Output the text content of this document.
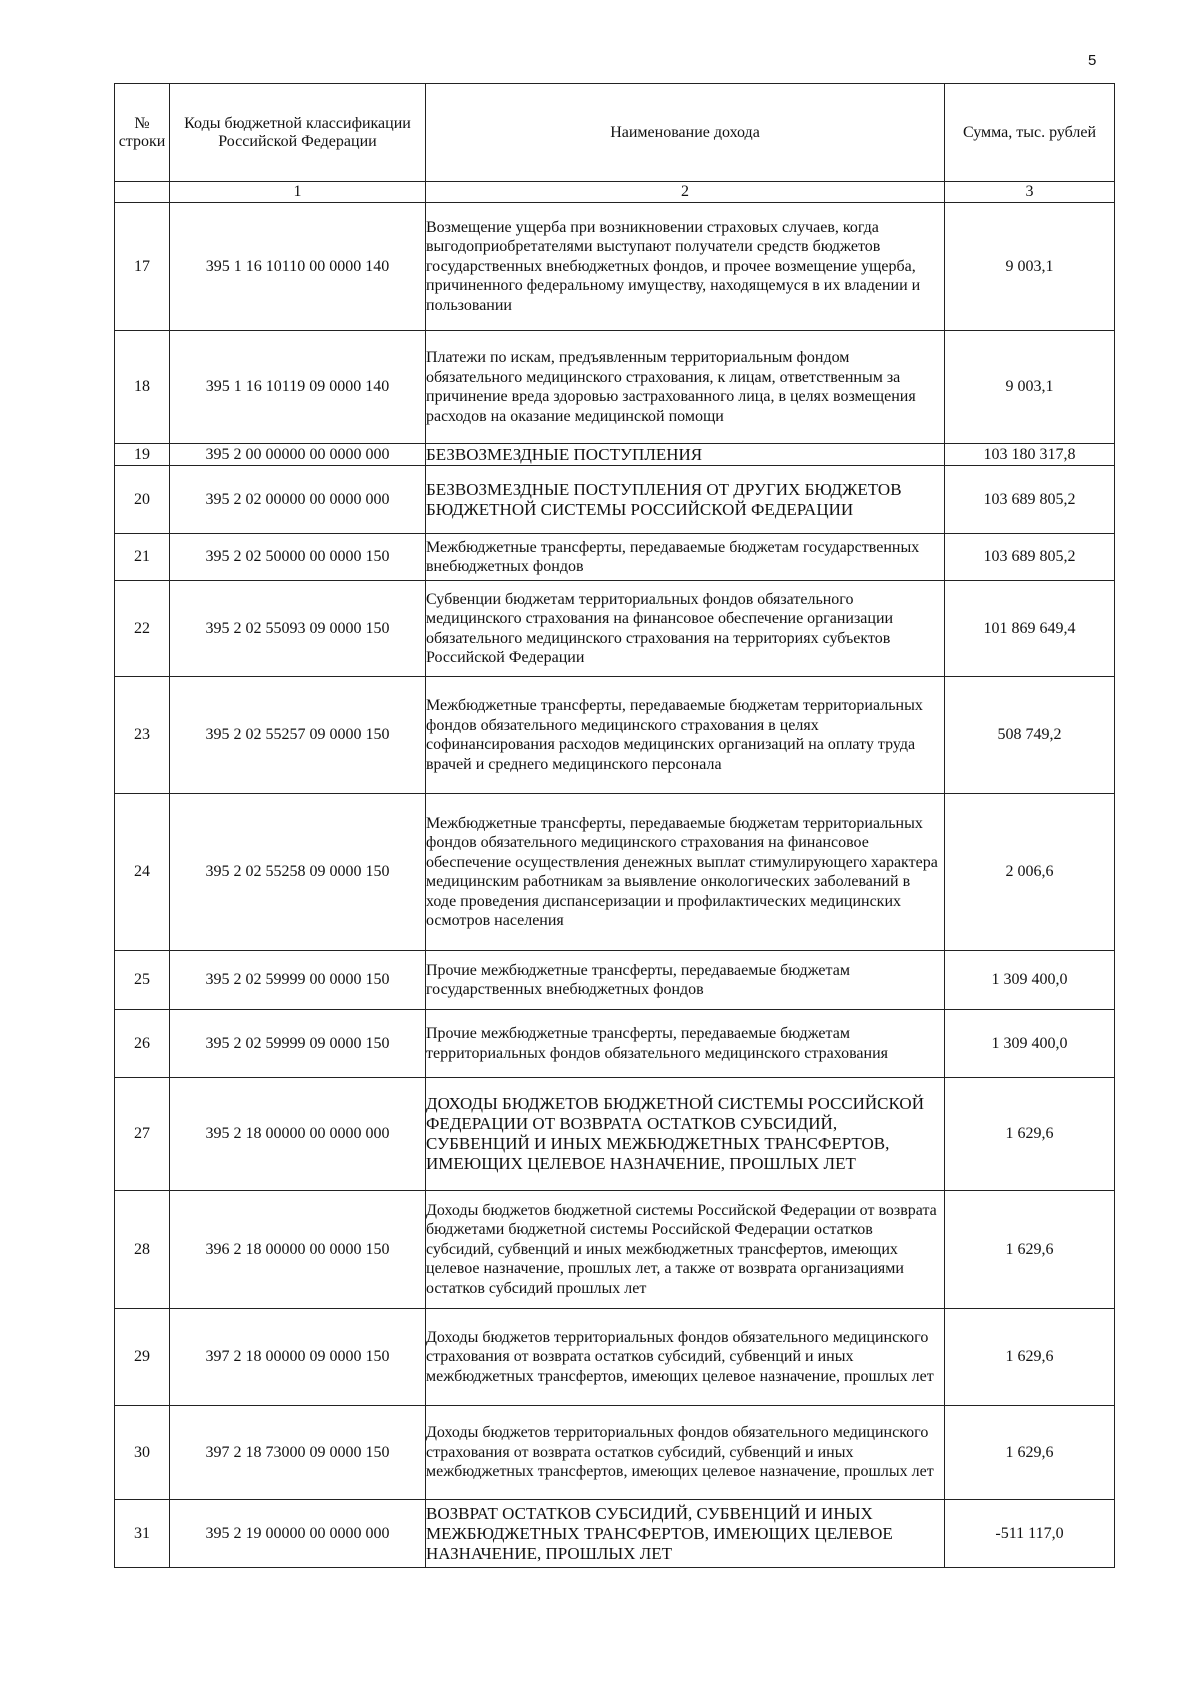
5
№ строки	Коды бюджетной классификации Российской Федерации	Наименование дохода	Сумма, тыс. рублей
	1	2	3
17	395 1 16 10110 00 0000 140	Возмещение ущерба при возникновении страховых случаев, когда выгодоприобретателями выступают получатели средств бюджетов государственных внебюджетных фондов, и прочее возмещение ущерба, причиненного федеральному имуществу, находящемуся в их владении и пользовании	9 003,1
18	395 1 16 10119 09 0000 140	Платежи по искам, предъявленным территориальным фондом обязательного медицинского страхования, к лицам, ответственным за причинение вреда здоровью застрахованного лица, в целях возмещения расходов на оказание медицинской помощи	9 003,1
19	395 2 00 00000 00 0000 000	БЕЗВОЗМЕЗДНЫЕ ПОСТУПЛЕНИЯ	103 180 317,8
20	395 2 02 00000 00 0000 000	БЕЗВОЗМЕЗДНЫЕ ПОСТУПЛЕНИЯ ОТ ДРУГИХ БЮДЖЕТОВ БЮДЖЕТНОЙ СИСТЕМЫ РОССИЙСКОЙ ФЕДЕРАЦИИ	103 689 805,2
21	395 2 02 50000 00 0000 150	Межбюджетные трансферты, передаваемые бюджетам государственных внебюджетных фондов	103 689 805,2
22	395 2 02 55093 09 0000 150	Субвенции бюджетам территориальных фондов обязательного медицинского страхования на финансовое обеспечение организации обязательного медицинского страхования на территориях субъектов Российской Федерации	101 869 649,4
23	395 2 02 55257 09 0000 150	Межбюджетные трансферты, передаваемые бюджетам территориальных фондов обязательного медицинского страхования в целях софинансирования расходов медицинских организаций на оплату труда врачей и среднего медицинского персонала	508 749,2
24	395 2 02 55258 09 0000 150	Межбюджетные трансферты, передаваемые бюджетам территориальных фондов обязательного медицинского страхования на финансовое обеспечение осуществления денежных выплат стимулирующего характера медицинским работникам за выявление онкологических заболеваний в ходе проведения диспансеризации и профилактических медицинских осмотров населения	2 006,6
25	395 2 02 59999 00 0000 150	Прочие межбюджетные трансферты, передаваемые бюджетам государственных внебюджетных фондов	1 309 400,0
26	395 2 02 59999 09 0000 150	Прочие межбюджетные трансферты, передаваемые бюджетам территориальных фондов обязательного медицинского страхования	1 309 400,0
27	395 2 18 00000 00 0000 000	ДОХОДЫ БЮДЖЕТОВ БЮДЖЕТНОЙ СИСТЕМЫ РОССИЙСКОЙ ФЕДЕРАЦИИ ОТ ВОЗВРАТА ОСТАТКОВ СУБСИДИЙ, СУБВЕНЦИЙ И ИНЫХ МЕЖБЮДЖЕТНЫХ ТРАНСФЕРТОВ, ИМЕЮЩИХ ЦЕЛЕВОЕ НАЗНАЧЕНИЕ, ПРОШЛЫХ ЛЕТ	1 629,6
28	396 2 18 00000 00 0000 150	Доходы бюджетов бюджетной системы Российской Федерации от возврата бюджетами бюджетной системы Российской Федерации остатков субсидий, субвенций и иных межбюджетных трансфертов, имеющих целевое назначение, прошлых лет, а также от возврата организациями остатков субсидий прошлых лет	1 629,6
29	397 2 18 00000 09 0000 150	Доходы бюджетов территориальных фондов обязательного медицинского страхования от возврата остатков субсидий, субвенций и иных межбюджетных трансфертов, имеющих целевое назначение, прошлых лет	1 629,6
30	397 2 18 73000 09 0000 150	Доходы бюджетов территориальных фондов обязательного медицинского страхования от возврата остатков субсидий, субвенций и иных межбюджетных трансфертов, имеющих целевое назначение, прошлых лет	1 629,6
31	395 2 19 00000 00 0000 000	ВОЗВРАТ ОСТАТКОВ СУБСИДИЙ, СУБВЕНЦИЙ И ИНЫХ МЕЖБЮДЖЕТНЫХ ТРАНСФЕРТОВ, ИМЕЮЩИХ ЦЕЛЕВОЕ НАЗНАЧЕНИЕ, ПРОШЛЫХ ЛЕТ	-511 117,0
